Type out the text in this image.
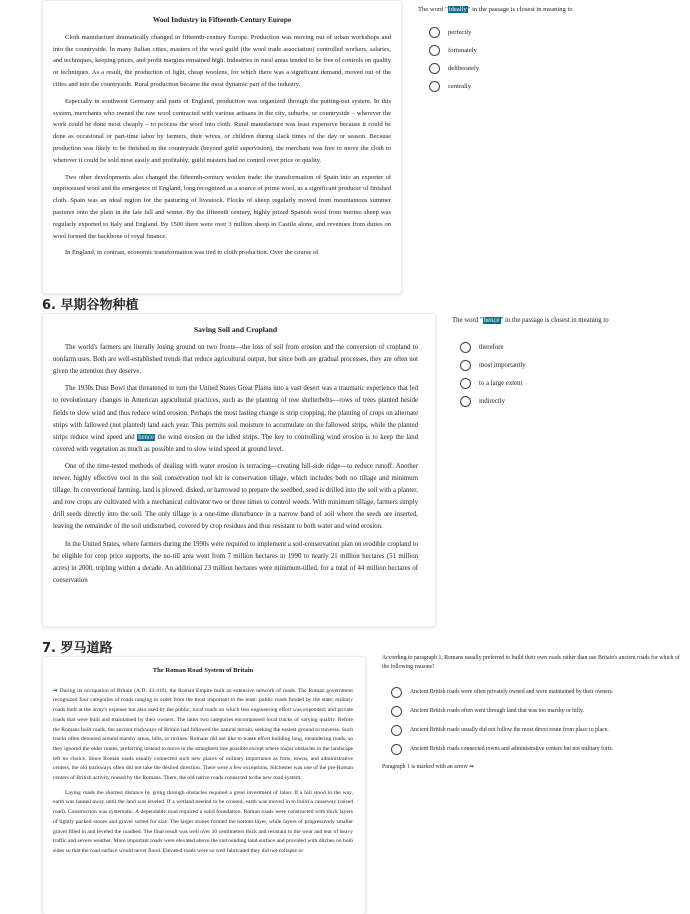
Wool Industry in Fifteenth-Century Europe

Cloth manufacture dramatically changed in fifteenth-century Europe. Production was moving out of urban workshops and into the countryside. In many Italian cities, masters of the wool guild (the wool trade association) controlled workers, salaries, and techniques, keeping prices, and profit margins remained high. Industries in rural areas tended to be free of controls on quality or techniques. As a result, the production of light, cheap woolens, for which there was a significant demand, moved out of the cities and into the countryside. Rural production became the most dynamic part of the industry.

Especially in southwest Germany and parts of England, production was organized through the putting-out system. In this system, merchants who owned the raw wool contracted with various artisans in the city, suburbs, or countryside – wherever the work could be done most cheaply – to process the wool into cloth. Rural manufacture was least expensive because it could be done as occasional or part-time labor by farmers, their wives, or children during slack times of the day or season. Because production was likely to be finished in the countryside (beyond guild supervision), the merchant was free to move the cloth to wherever it could be sold most easily and profitably; guild masters had no control over price or quality.

Two other developments also changed the fifteenth-century woolen trade: the transformation of Spain into an exporter of unprocessed wool and the emergence of England, long recognized as a source of prime wool, as a significant producer of finished cloth. Spain was an ideal region for the pasturing of livestock. Flocks of sheep regularly moved from mountainous summer pastures onto the plain in the late fall and winter. By the fifteenth century, highly prized Spanish wool from merino sheep was regularly exported to Italy and England. By 1500 there were over 3 million sheep in Castile alone, and revenues from duties on wool formed the backbone of royal finance.

In England, in contrast, economic transformation was tied to cloth production. Over the course of

The word "ideally" in the passage is closest in meaning to

perfectly
fortunately
deliberately
centrally
6. 早期谷物种植

Saving Soil and Cropland

The world's farmers are literally losing ground on two fronts—the loss of soil from erosion and the conversion of cropland to nonfarm uses. Both are well-established trends that reduce agricultural output, but since both are gradual processes, they are often not given the attention they deserve.

The 1930s Dust Bowl that threatened to turn the United States Great Plains into a vast desert was a traumatic experience that led to revolutionary changes in American agricultural practices, such as the planting of tree shelterbelts—rows of trees planted beside fields to slow wind and thus reduce wind erosion. Perhaps the most lasting change is strip cropping, the planting of crops on alternate strips with fallowed (not planted) land each year. This permits soil moisture to accumulate on the fallowed strips, while the planted strips reduce wind speed and hence the wind erosion on the idled strips. The key to controlling wind erosion is to keep the land covered with vegetation as much as possible and to slow wind speed at ground level.

One of the time-tested methods of dealing with water erosion is terracing—creating hill-side ridge—to reduce runoff. Another newer, highly effective tool in the soil conservation tool kit is conservation tillage, which includes both no tillage and minimum tillage. In conventional farming, land is plowed, disked, or harrowed to prepare the seedbed, seed is drilled into the soil with a planter, and row crops are cultivated with a mechanical cultivator two or three times to control weeds. With minimum tillage, farmers simply drill seeds directly into the soil. The only tillage is a one-time disturbance in a narrow band of soil where the seeds are inserted, leaving the remainder of the soil undisturbed, covered by crop residues and thus resistant to both water and wind erosion.

In the United States, where farmers during the 1990s were required to implement a soil-conservation plan on erodible cropland to be eligible for crop price supports, the no-till area went from 7 million hectares in 1990 to nearly 21 million hectares (51 million acres) in 2000, tripling within a decade. An additional 23 million hectares were minimum-tilled, for a total of 44 million hectares of conservation

The word "hence" in the passage is closest in meaning to

therefore
most importantly
to a large extent
indirectly
7. 罗马道路

The Roman Road System of Britain

➡ During its occupation of Britain (A.D. 43-410), the Roman Empire built an extensive network of roads. The Roman government recognized four categories of roads ranging in order from the most important to the least: public roads funded by the state; military roads built at the army's expense but also used by the public; local roads on which less engineering effort was expended; and private roads that were built and maintained by their owners. The latter two categories encompassed local tracks of varying quality. Before the Romans built roads, the ancient trackways of Britain had followed the natural terrain, seeking the easiest ground to traverse. Such tracks often detoured around marshy areas, hills, or ravines. Romans did not like to waste effort building long, meandering roads, so they ignored the older routes, preferring instead to move in the straightest line possible except where major obstacles in the landscape left no choice. Since Roman roads usually connected such new places of military importance as forts, towns, and administrative centers, the old trackways often did not take the desired direction. There were a few exceptions. Silchester was one of the pre-Roman centers of British activity reused by the Romans. There, the old native roads connected to the new road system.

Laying roads the shortest distance by going through obstacles required a great investment of labor. If a hill stood in the way, earth was hauled away until the land was leveled. If a wetland needed to be crossed, earth was moved in to build a causeway (raised road). Construction was systematic. A dependable road required a solid foundation. Roman roads were constructed with thick layers of tightly packed stones and gravel sorted for size. The larger stones formed the bottom layer, while layers of progressively smaller gravel filled in and leveled the roadbed. The final result was well over 30 centimeters thick and resistant to the wear and tear of heavy traffic and severe weather. More important roads were elevated above the surrounding land surface and provided with ditches on both sides so that the road surface would never flood. Elevated roads were so well fabricated they did not collapse or

According to paragraph 1, Romans usually preferred to build their own roads rather than use Britain's ancient roads for which of the following reasons?

Ancient British roads were often privately owned and were maintained by their owners.
Ancient British roads often went through land that was too marshy or hilly.
Ancient British roads usually did not follow the most direct route from place to place.
Ancient British roads connected towns and administrative centers but not military forts.

Paragraph 1 is marked with an arrow ➡
